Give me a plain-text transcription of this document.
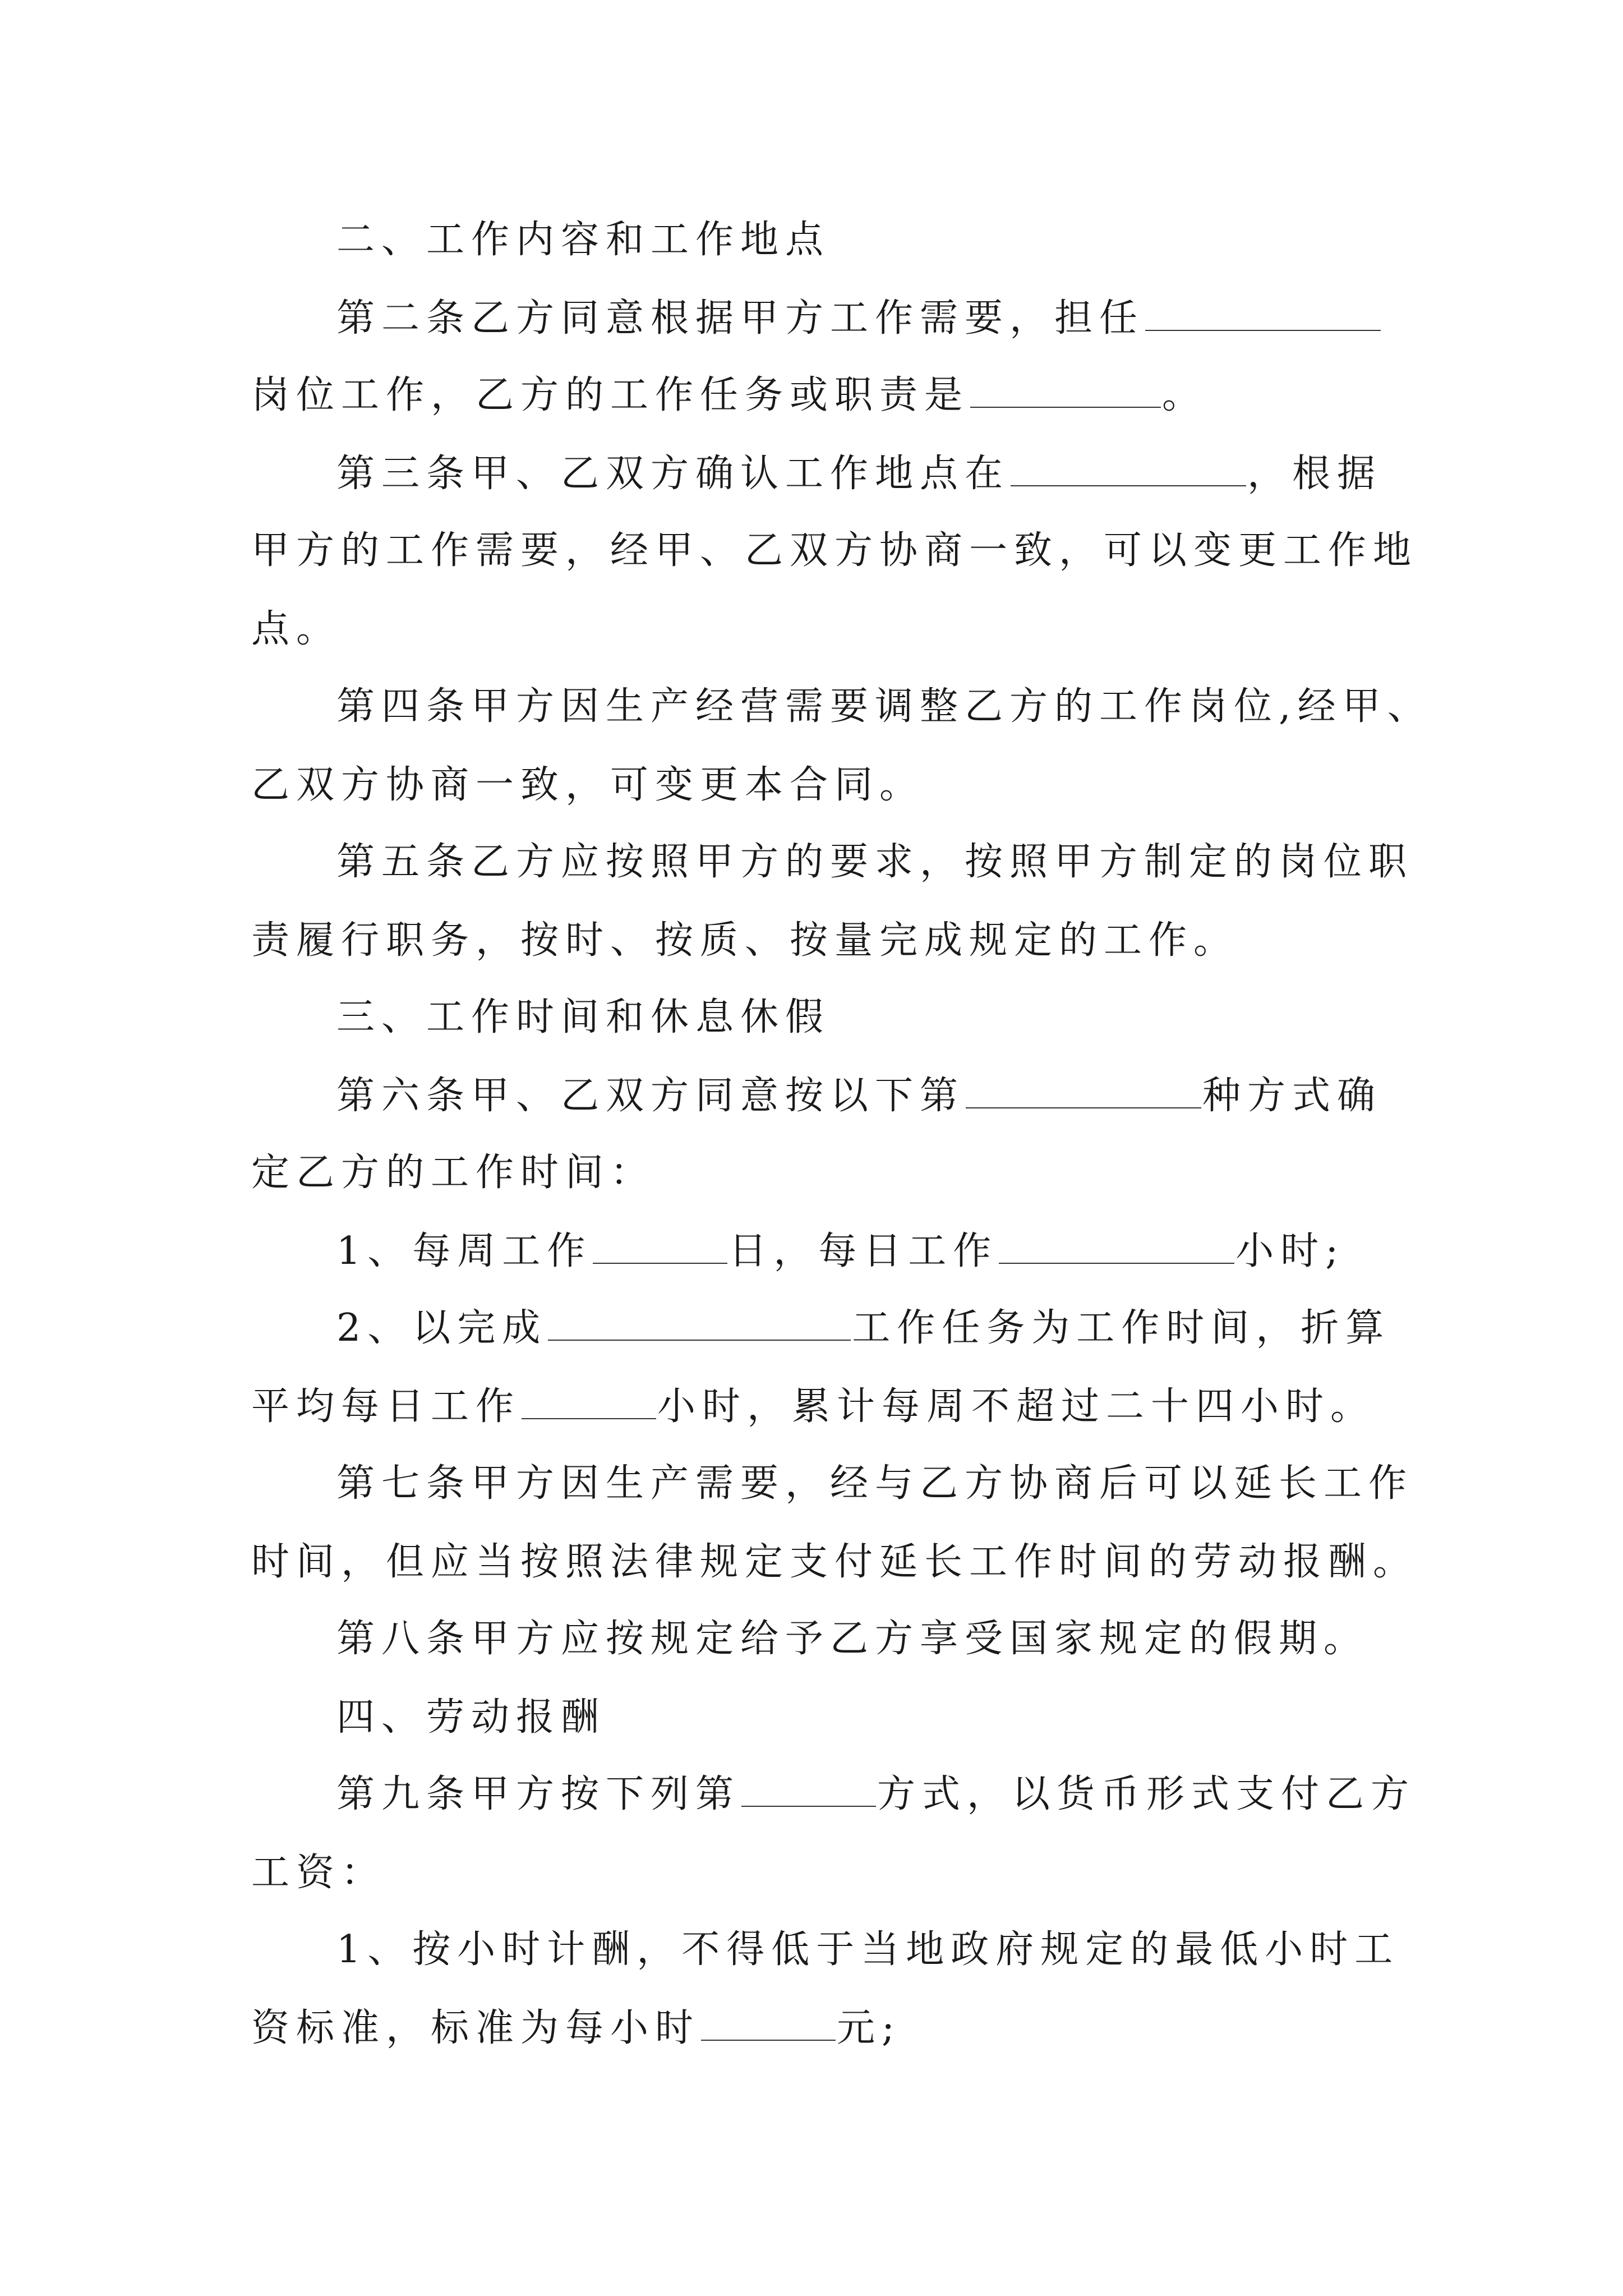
二、工作内容和工作地点
第二条乙方同意根据甲方工作需要，担任
岗位工作，乙方的工作任务或职责是	。
第三条甲、乙双方确认工作地点在	，根据
甲方的工作需要，经甲、乙双方协商一致，可以变更工作地
点。
第四条甲方因生产经营需要调整乙方的工作岗位,经甲、
乙双方协商一致，可变更本合同。
第五条乙方应按照甲方的要求，按照甲方制定的岗位职
责履行职务，按时、按质、按量完成规定的工作。
三、工作时间和休息休假
第六条甲、乙双方同意按以下第	种方式确
定乙方的工作时间：
1、每周工作	日，每日工作	小时;
2、以完成	工作任务为工作时间，折算
平均每日工作	小时，累计每周不超过二十四小时。
第七条甲方因生产需要，经与乙方协商后可以延长工作
时间，但应当按照法律规定支付延长工作时间的劳动报酬。
第八条甲方应按规定给予乙方享受国家规定的假期。
四、劳动报酬
第九条甲方按下列第	方式，以货币形式支付乙方
工资：
1、按小时计酬，不得低于当地政府规定的最低小时工
资标准，标准为每小时	元;
